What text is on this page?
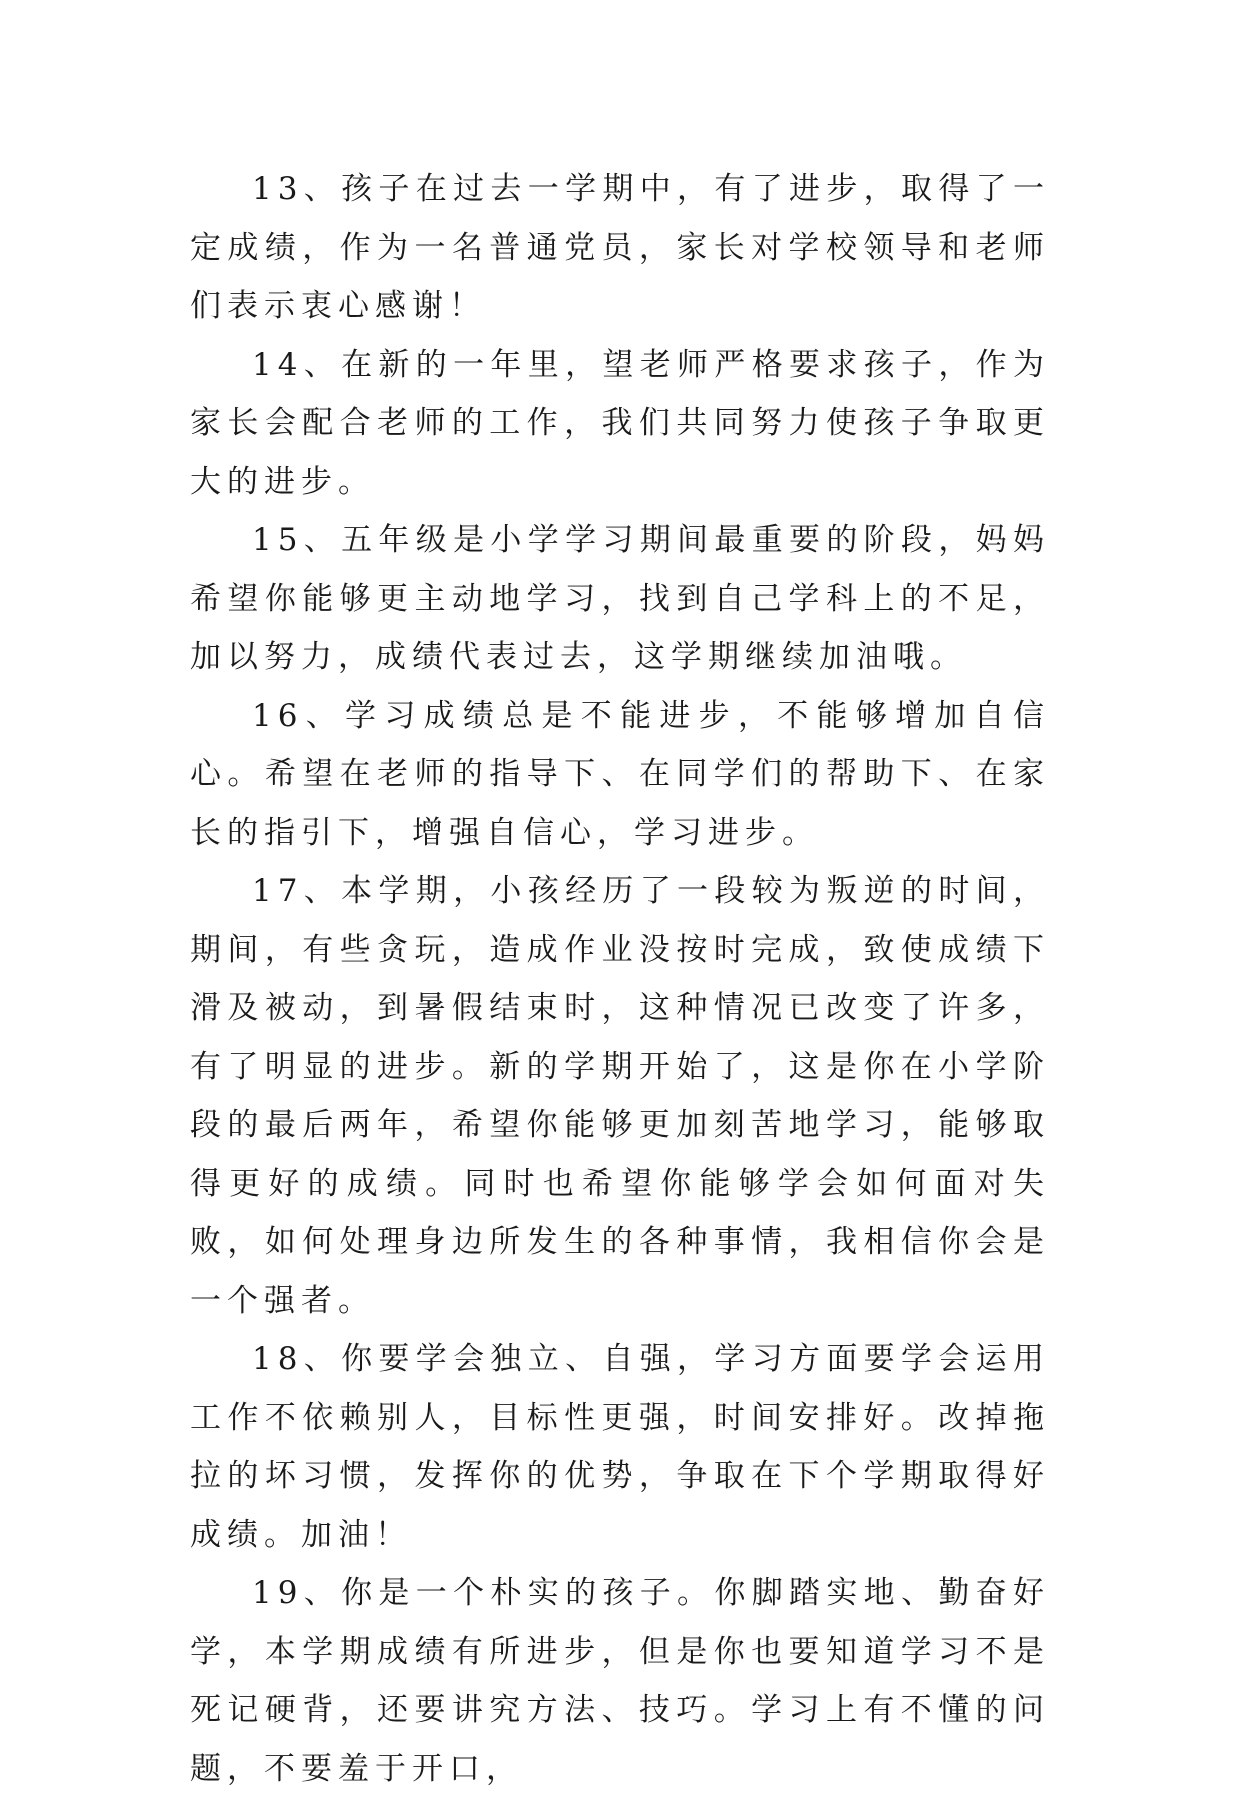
13、孩子在过去一学期中，有了进步，取得了一定成绩，作为一名普通党员，家长对学校领导和老师们表示衷心感谢！

14、在新的一年里，望老师严格要求孩子，作为家长会配合老师的工作，我们共同努力使孩子争取更大的进步。

15、五年级是小学学习期间最重要的阶段，妈妈希望你能够更主动地学习，找到自己学科上的不足，加以努力，成绩代表过去，这学期继续加油哦。

16、学习成绩总是不能进步，不能够增加自信心。希望在老师的指导下、在同学们的帮助下、在家长的指引下，增强自信心，学习进步。

17、本学期，小孩经历了一段较为叛逆的时间，期间，有些贪玩，造成作业没按时完成，致使成绩下滑及被动，到暑假结束时，这种情况已改变了许多，有了明显的进步。新的学期开始了，这是你在小学阶段的最后两年，希望你能够更加刻苦地学习，能够取得更好的成绩。同时也希望你能够学会如何面对失败，如何处理身边所发生的各种事情，我相信你会是一个强者。

18、你要学会独立、自强，学习方面要学会运用工作不依赖别人，目标性更强，时间安排好。改掉拖拉的坏习惯，发挥你的优势，争取在下个学期取得好成绩。加油！

19、你是一个朴实的孩子。你脚踏实地、勤奋好学，本学期成绩有所进步，但是你也要知道学习不是死记硬背，还要讲究方法、技巧。学习上有不懂的问题，不要羞于开口，
